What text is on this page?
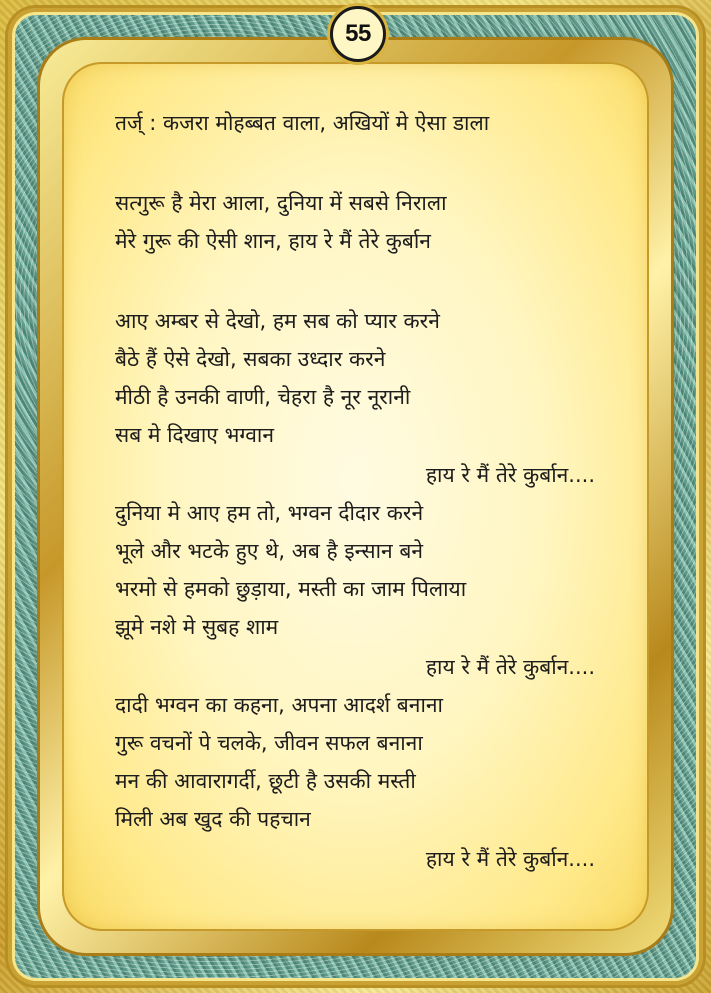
55
तर्ज् : कजरा मोहब्बत वाला, अखियों मे ऐसा डाला
सत्गुरू है मेरा आला, दुनिया में सबसे निराला
मेरे गुरू की ऐसी शान, हाय रे मैं तेरे कुर्बान
आए अम्बर से देखो, हम सब को प्यार करने
बैठे हैं ऐसे देखो, सबका उध्दार करने
मीठी है उनकी वाणी, चेहरा है नूर नूरानी
सब मे दिखाए भग्वान
हाय रे मैं तेरे कुर्बान....
दुनिया मे आए हम तो, भग्वन दीदार करने
भूले और भटके हुए थे, अब है इन्सान बने
भरमो से हमको छुड़ाया, मस्ती का जाम पिलाया
झूमे नशे मे सुबह शाम
हाय रे मैं तेरे कुर्बान....
दादी भग्वन का कहना, अपना आदर्श बनाना
गुरू वचनों पे चलके, जीवन सफल बनाना
मन की आवारागर्दी, छूटी है उसकी मस्ती
मिली अब खुद की पहचान
हाय रे मैं तेरे कुर्बान....
